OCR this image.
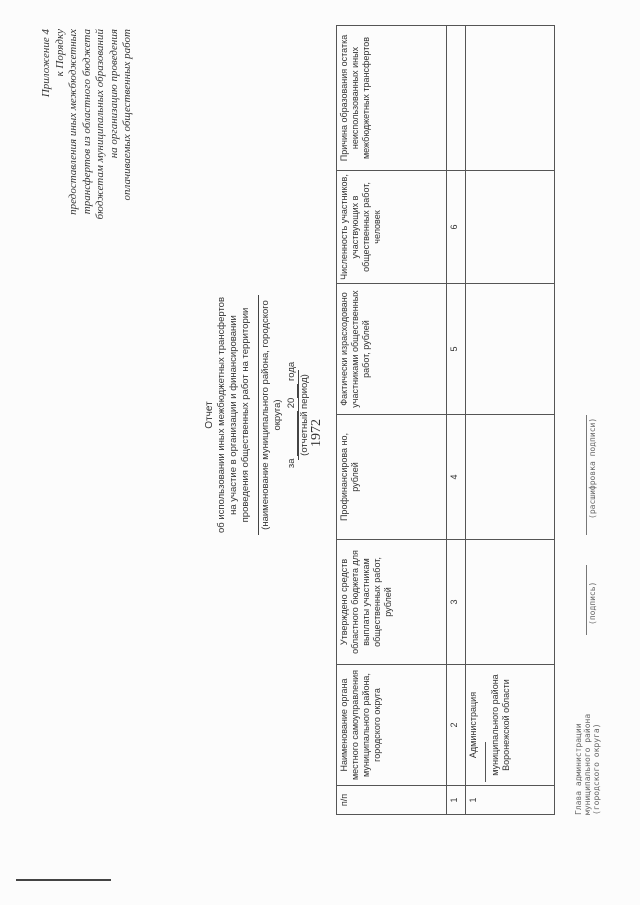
1972
Приложение 4 к Порядку предоставления иных межбюджетных трансфертов из областного бюджета бюджетам муниципальных образований на организацию проведения оплачиваемых общественных работ
Отчет об использовании иных межбюджетных трансфертов на участие в организации и финансировании проведения общественных работ на территории (наименование муниципального района, городского округа)
за  20 года
(отчетный период)
п/п	Наименование органа местного самоуправления муниципального района, городского округа	Утверждено средств областного бюджета для выплаты участникам общественных работ, рублей	Профинансирова но, рублей	Фактически израсходовано участниками общественных работ, рублей	Численность участников, участвующих в общественных работ, человек	Причина образования остатка неиспользованных иных межбюджетных трансфертов
1	2	3	4	5	6	
1	Администрация муниципального района Воронежской области					
						Глава администрации муниципального района (городского округа)
(подпись)
(расшифровка подписи)
